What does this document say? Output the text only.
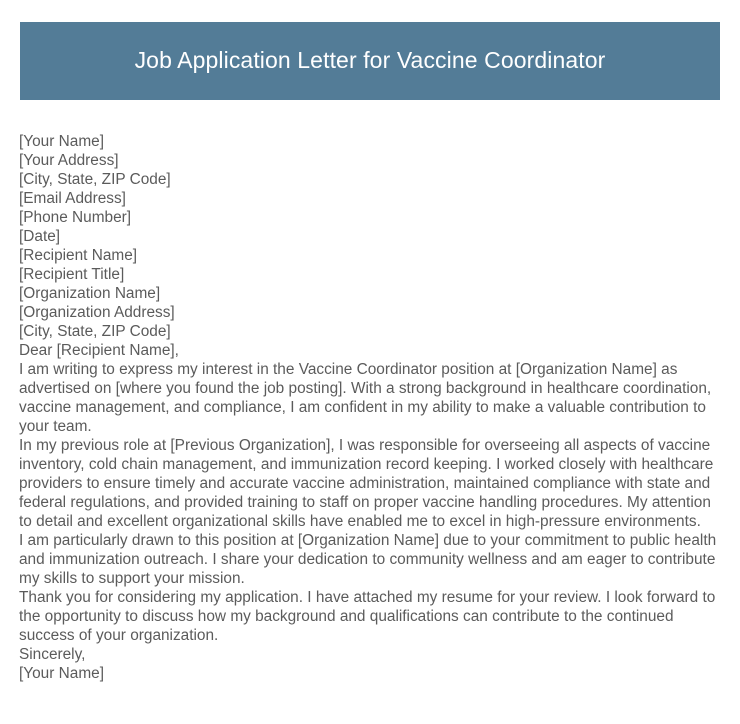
Job Application Letter for Vaccine Coordinator
[Your Name]
[Your Address]
[City, State, ZIP Code]
[Email Address]
[Phone Number]
[Date]
[Recipient Name]
[Recipient Title]
[Organization Name]
[Organization Address]
[City, State, ZIP Code]
Dear [Recipient Name],

I am writing to express my interest in the Vaccine Coordinator position at [Organization Name] as advertised on [where you found the job posting]. With a strong background in healthcare coordination, vaccine management, and compliance, I am confident in my ability to make a valuable contribution to your team.

In my previous role at [Previous Organization], I was responsible for overseeing all aspects of vaccine inventory, cold chain management, and immunization record keeping. I worked closely with healthcare providers to ensure timely and accurate vaccine administration, maintained compliance with state and federal regulations, and provided training to staff on proper vaccine handling procedures. My attention to detail and excellent organizational skills have enabled me to excel in high-pressure environments.

I am particularly drawn to this position at [Organization Name] due to your commitment to public health and immunization outreach. I share your dedication to community wellness and am eager to contribute my skills to support your mission.

Thank you for considering my application. I have attached my resume for your review. I look forward to the opportunity to discuss how my background and qualifications can contribute to the continued success of your organization.

Sincerely,
[Your Name]
